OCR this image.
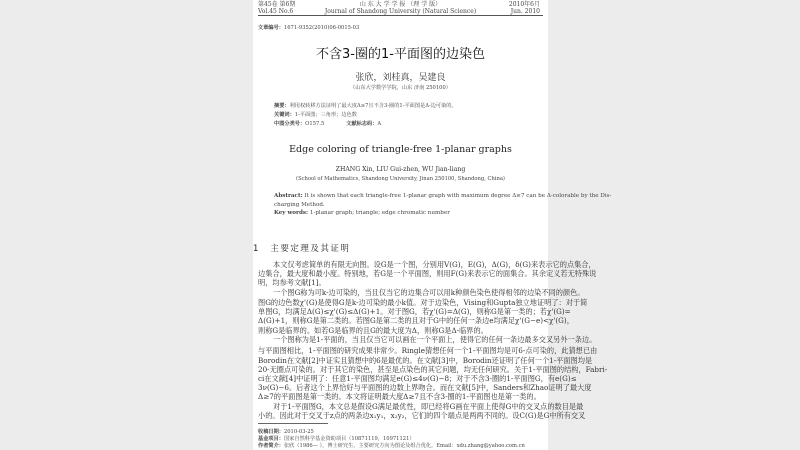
第45卷 第6期
Vol.45 No.6
山 东 大 学 学 报 （理 学 版）
Journal of Shandong University (Natural Science)
2010年6月
Jun. 2010
文章编号：1671-9352(2010)06-0015-03
不含3-圈的1-平面图的边染色
张欣，刘桂真，吴建良
（山东大学数学学院，山东 济南 250100）
摘要：利用权转移方法证明了最大度Δ≥7且不含3-圈的1-平面图是Δ-边可染的。
关键词：1-平面图；三角形；边色数
中图分类号：O157.5	文献标志码：A
Edge coloring of triangle-free 1-planar graphs
ZHANG Xin, LIU Gui-zhen, WU Jian-liang
(School of Mathematics, Shandong University, Jinan 250100, Shandong, China)
Abstract: It is shown that each triangle-free 1-planar graph with maximum degree Δ≥7 can be Δ-colorable by the Dis-
charging Method.
Key words: 1-planar graph; triangle; edge chromatic number
1 主要定理及其证明
本文仅考虑简单的有限无向图。设G是一个图，分别用V(G)，E(G)，Δ(G)，δ(G)来表示它的点集合，
边集合，最大度和最小度。特别地，若G是一个平面图，则用F(G)来表示它的面集合。其余定义若无特殊说
明，均参考文献[1]。
一个图G称为可k-边可染的，当且仅当它的边集合可以用k种颜色染色使得相邻的边染不同的颜色。
图G的边色数χ'(G)是使得G是k-边可染的最小k值。对于边染色，Vising和Gupta独立地证明了：对于简
单图G，均满足Δ(G)≤χ'(G)≤Δ(G)+1。对于图G，若χ'(G)=Δ(G)，则称G是第一类的；若χ'(G)=
Δ(G)+1，则称G是第二类的。若图G是第二类的且对于G中的任何一条边e均满足χ'(G−e)<χ'(G)，
则称G是临界的。如若G是临界的且G的最大度为Δ，则称G是Δ-临界的。
一个图称为是1-平面的，当且仅当它可以画在一个平面上，使得它的任何一条边最多交叉另外一条边。
与平面图相比，1-平面图的研究成果非常少。Ringle猜想任何一个1-平面图均是可6-点可染的，此猜想已由
Borodin在文献[2]中证实且猜想中的6是最优的。在文献[3]中，Borodin还证明了任何一个1-平面图均是
20-无圈点可染的。对于其它的染色，甚至是点染色的其它问题，均无任何研究。关于1-平面图的结构，Fabri-
ci在文献[4]中证明了：任意1-平面图均满足e(G)≤4ν(G)−8；对于不含3-圈的1-平面图G，有e(G)≤
3ν(G)−6。后者这个上界恰好与平面图的边数上界吻合。而在文献[5]中，Sanders和Zhao证明了最大度
Δ≥7的平面图是第一类的。本文将证明最大度Δ≥7且不含3-圈的1-平面图也是第一类的。
对于1-平面图G，本文总是假设G满足最优性，即已经将G画在平面上使得G中的交叉点的数目是最
小的。因此对于交叉于z点的两条边x₁y₁，x₂y₂，它们的四个端点是两两不同的。设C(G)是G中所有交叉
收稿日期：2010-03-25
基金项目：国家自然科学基金资助项目（10871119，10971121）
作者简介：张欣（1986— ），博士研究生，主要研究方向为图论及组合优化。Email：xdu.zhang@yahoo.com.cn
